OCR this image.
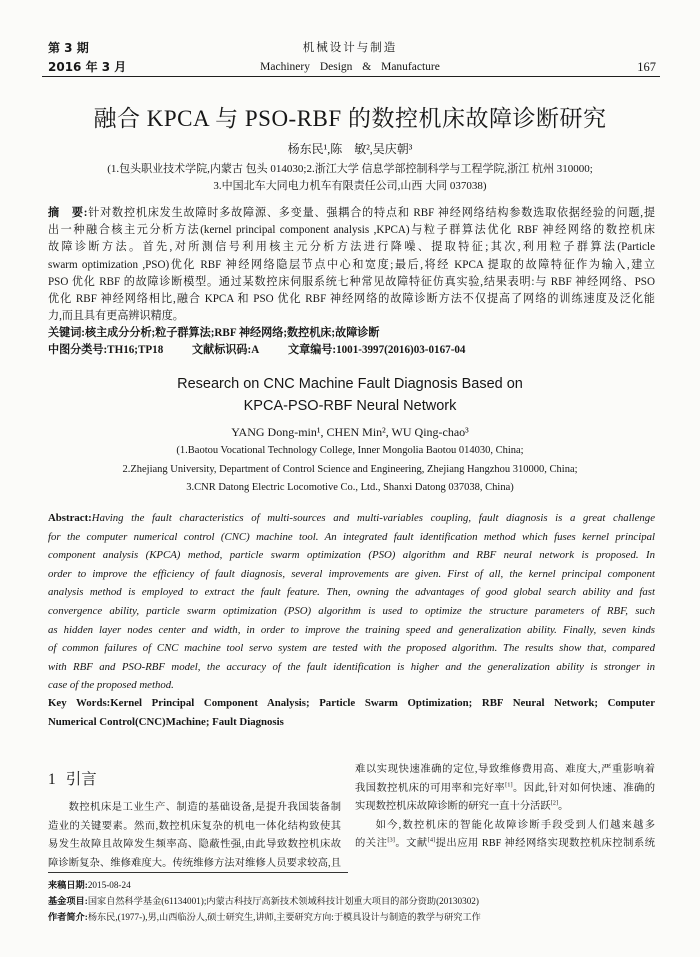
第 3 期
2016 年 3 月
机械设计与制造
Machinery Design & Manufacture	167
融合 KPCA 与 PSO-RBF 的数控机床故障诊断研究
杨东民¹,陈　敏²,吴庆朝³
(1.包头职业技术学院,内蒙古 包头 014030;2.浙江大学 信息学部控制科学与工程学院,浙江 杭州 310000;
3.中国北车大同电力机车有限责任公司,山西 大同 037038)
摘　要:针对数控机床发生故障时多故障源、多变量、强耦合的特点和 RBF 神经网络结构参数选取依据经验的问题,提
出一种融合核主元分析方法(kernel principal component analysis ,KPCA)与粒子群算法优化 RBF 神经网络的数控机床
故障诊断方法。首先,对所测信号利用核主元分析方法进行降噪、提取特征;其次,利用粒子群算法(Particle
swarm optimization ,PSO)优化 RBF 神经网络隐层节点中心和宽度;最后,将经 KPCA 提取的故障特征作为输入,建立
PSO 优化 RBF 的故障诊断模型。通过某数控床伺服系统七种常见故障特征仿真实验,结果表明:与 RBF 神经网络、PSO
优化 RBF 神经网络相比,融合 KPCA 和 PSO 优化 RBF 神经网络的故障诊断方法不仅提高了网络的训练速度及泛化能
力,而且具有更高辨识精度。
关键词:核主成分分析;粒子群算法;RBF 神经网络;数控机床;故障诊断
中图分类号:TH16;TP18	文献标识码:A	文章编号:1001-3997(2016)03-0167-04
Research on CNC Machine Fault Diagnosis Based on
KPCA-PSO-RBF Neural Network
YANG Dong-min¹, CHEN Min², WU Qing-chao³
(1.Baotou Vocational Technology College, Inner Mongolia Baotou 014030, China;
2.Zhejiang University, Department of Control Science and Engineering, Zhejiang Hangzhou 310000, China;
3.CNR Datong Electric Locomotive Co., Ltd., Shanxi Datong 037038, China)
Abstract:Having the fault characteristics of multi-sources and multi-variables coupling, fault diagnosis is a great challenge
for the computer numerical control (CNC) machine tool. An integrated fault identification method which fuses kernel principal
component analysis (KPCA) method, particle swarm optimization (PSO) algorithm and RBF neural network is proposed. In
order to improve the efficiency of fault diagnosis, several improvements are given. First of all, the kernel principal component
analysis method is employed to extract the fault feature. Then, owning the advantages of good global search ability and fast
convergence ability, particle swarm optimization (PSO) algorithm is used to optimize the structure parameters of RBF, such
as hidden layer nodes center and width, in order to improve the training speed and generalization ability. Finally, seven kinds
of common failures of CNC machine tool servo system are tested with the proposed algorithm. The results show that, compared
with RBF and PSO-RBF model, the accuracy of the fault identification is higher and the generalization ability is stronger in
case of the proposed method.
Key Words:Kernel Principal Component Analysis; Particle Swarm Optimization; RBF Neural Network; Computer
Numerical Control(CNC)Machine; Fault Diagnosis
1 引言
数控机床是工业生产、制造的基础设备,是提升我国装备制
造业的关键要素。然而,数控机床复杂的机电一体化结构致使其
易发生故障且故障发生频率高、隐蔽性强,由此导致数控机床故
障诊断复杂、维修难度大。传统维修方法对维修人员要求较高,且
难以实现快速准确的定位,导致维修费用高、难度大,严重影响着
我国数控机床的可用率和完好率[1]。因此,针对如何快速、准确的
实现数控机床故障诊断的研究一直十分活跃[2]。
如今,数控机床的智能化故障诊断手段受到人们越来越多
的关注[3]。文献[4]提出应用 RBF 神经网络实现数控机床控制系统
来稿日期:2015-08-24
基金项目:国家自然科学基金(61134001);内蒙古科技厅高新技术领域科技计划重大项目的部分资助(20130302)
作者简介:杨东民,(1977-),男,山西临汾人,硕士研究生,讲师,主要研究方向:于模具设计与制造的教学与研究工作
